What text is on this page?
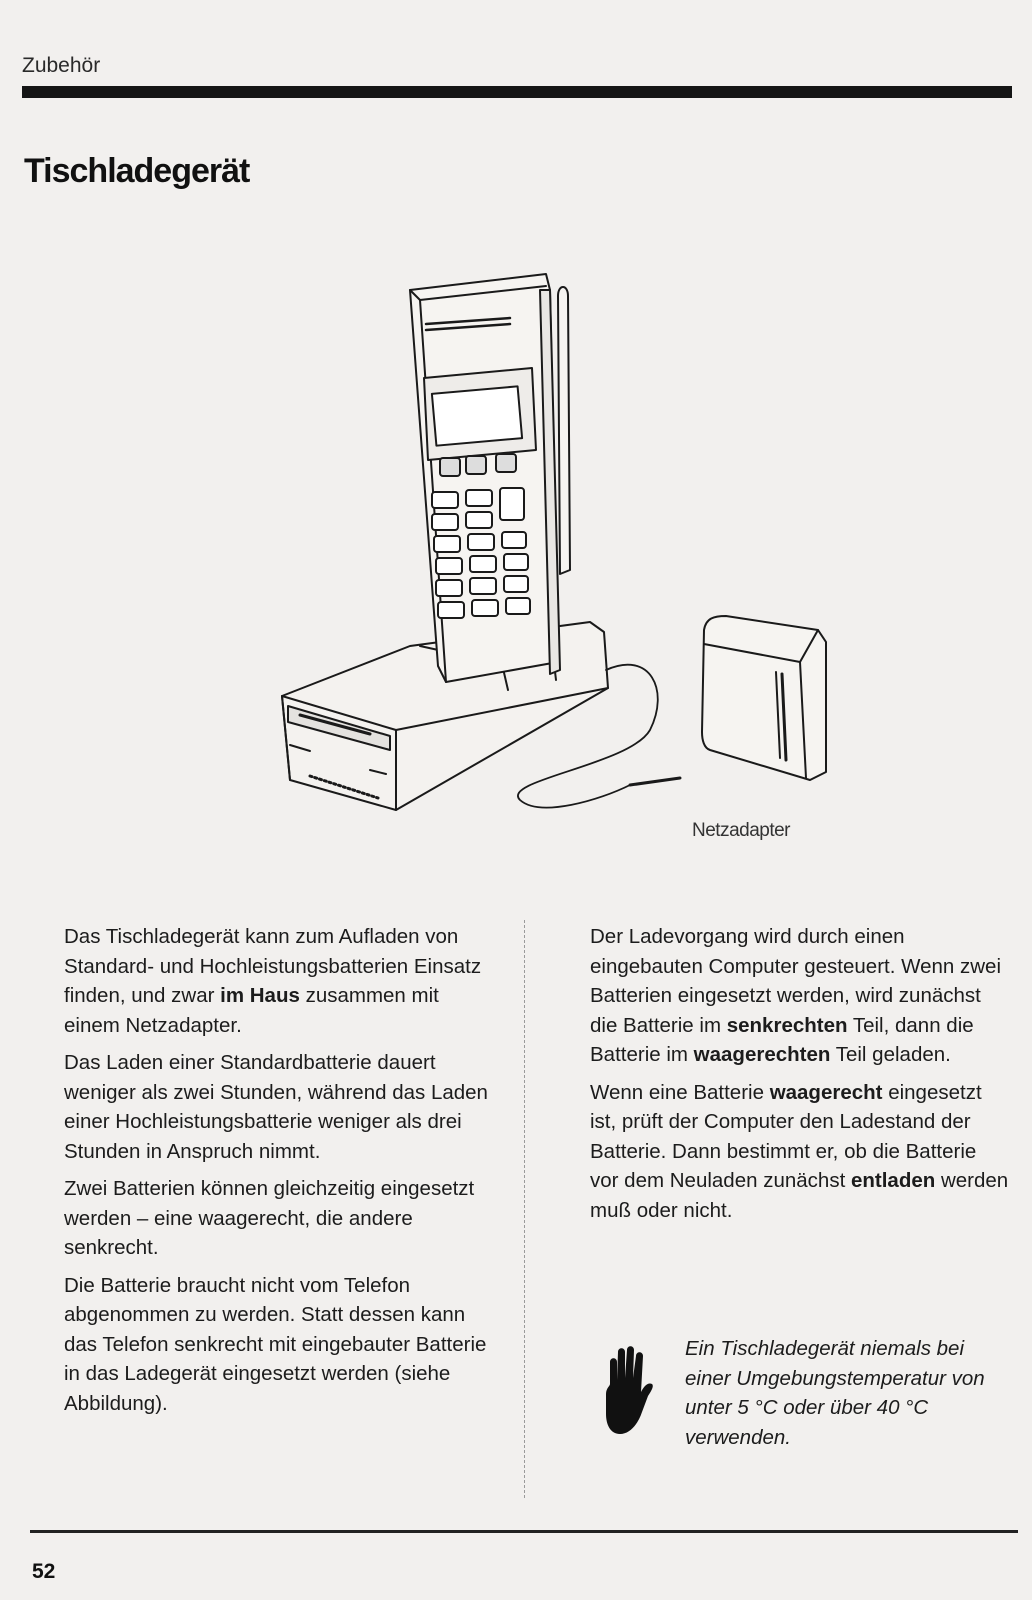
Zubehör
Tischladegerät
Netzadapter

Das Tischladegerät kann zum Aufladen von Standard- und Hochleistungsbatterien Einsatz finden, und zwar im Haus zusammen mit einem Netzadapter.

Das Laden einer Standardbatterie dauert weniger als zwei Stunden, während das Laden einer Hochleistungsbatterie weniger als drei Stunden in Anspruch nimmt.

Zwei Batterien können gleichzeitig eingesetzt werden – eine waagerecht, die andere senkrecht.

Die Batterie braucht nicht vom Telefon abgenommen zu werden. Statt dessen kann das Telefon senkrecht mit eingebauter Batterie in das Ladegerät eingesetzt werden (siehe Abbildung).

Der Ladevorgang wird durch einen eingebauten Computer gesteuert. Wenn zwei Batterien eingesetzt werden, wird zunächst die Batterie im senkrechten Teil, dann die Batterie im waagerechten Teil geladen.

Wenn eine Batterie waagerecht eingesetzt ist, prüft der Computer den Ladestand der Batterie. Dann bestimmt er, ob die Batterie vor dem Neuladen zunächst entladen werden muß oder nicht.

Ein Tischladegerät niemals bei einer Umgebungstemperatur von unter 5 °C oder über 40 °C verwenden.
52
